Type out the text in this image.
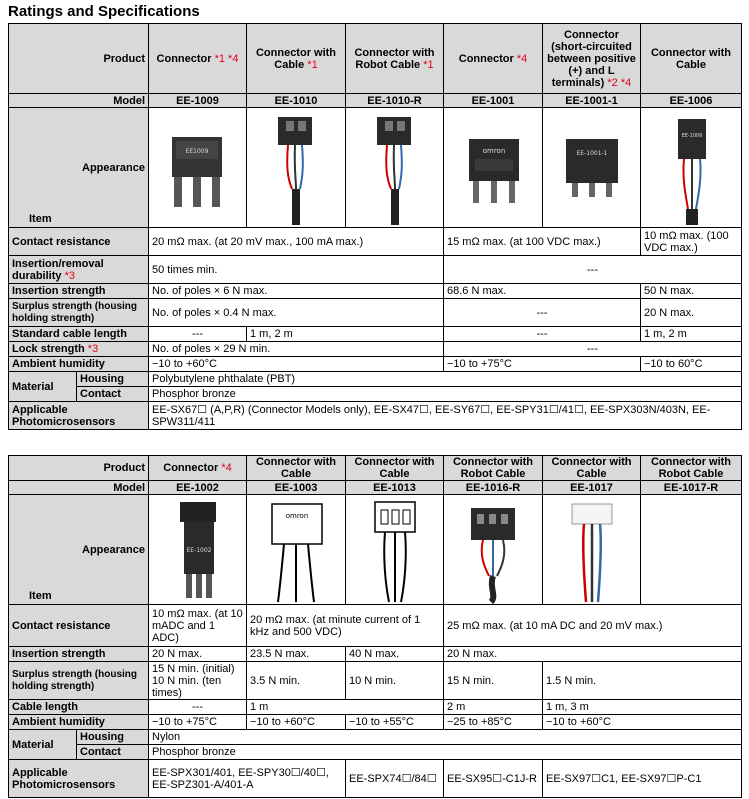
Ratings and Specifications
Product		Connector *1 *4	Connector with Cable *1	Connector with Robot Cable *1	Connector *4	Connector (short-circuited between positive (+) and L terminals) *2 *4	Connector with Cable
Model		EE-1009	EE-1010	EE-1010-R	EE-1001	EE-1001-1	EE-1006
Appearance
Item		EE1009			omron	EE-1001-1	EE-1006

Contact resistance		20 mΩ max. (at 20 mV max., 100 mA max.)			15 mΩ max. (at 100 VDC max.)		10 mΩ max. (100 VDC max.)
Insertion/removal durability *3		50 times min.			---		
Insertion strength		No. of poles × 6 N max.			68.6 N max.		50 N max.
Surplus strength (housing holding strength)		No. of poles × 0.4 N max.			---		20 N max.
Standard cable length		---	1 m, 2 m		---		1 m, 2 m
Lock strength *3		No. of poles × 29 N min.			---		
Ambient humidity		−10 to +60°C			−10 to +75°C		−10 to 60°C
Material	Housing	Polybutylene phthalate (PBT)					
	Contact	Phosphor bronze					
Applicable Photomicrosensors		EE-SX67☐ (A,P,R) (Connector Models only), EE-SX47☐, EE-SY67☐, EE-SPY31☐/41☐, EE-SPX303N/403N, EE-SPW311/411					
Product		Connector *4	Connector with Cable	Connector with Cable	Connector with Robot Cable	Connector with Cable	Connector with Robot Cable
Model		EE-1002	EE-1003	EE-1013	EE-1016-R	EE-1017	EE-1017-R
Appearance
Item		EE-1002	omron

Contact resistance		10 mΩ max. (at 10 mADC and 1 ADC)	20 mΩ max. (at minute current of 1 kHz and 500 VDC)		25 mΩ max. (at 10 mA DC and 20 mV max.)		
Insertion strength		20 N max.	23.5 N max.	40 N max.	20 N max.		
Surplus strength (housing holding strength)		15 N min. (initial) 10 N min. (ten times)	3.5 N min.	10 N min.	15 N min.	1.5 N min.	
Cable length		---	1 m		2 m	1 m, 3 m	
Ambient humidity		−10 to +75°C	−10 to +60°C	−10 to +55°C	−25 to +85°C	−10 to +60°C	
Material	Housing	Nylon					
	Contact	Phosphor bronze					
Applicable Photomicrosensors		EE-SPX301/401, EE-SPY30☐/40☐, EE-SPZ301-A/401-A		EE-SPX74☐/84☐	EE-SX95☐-C1J-R	EE-SX97☐C1, EE-SX97☐P-C1	
